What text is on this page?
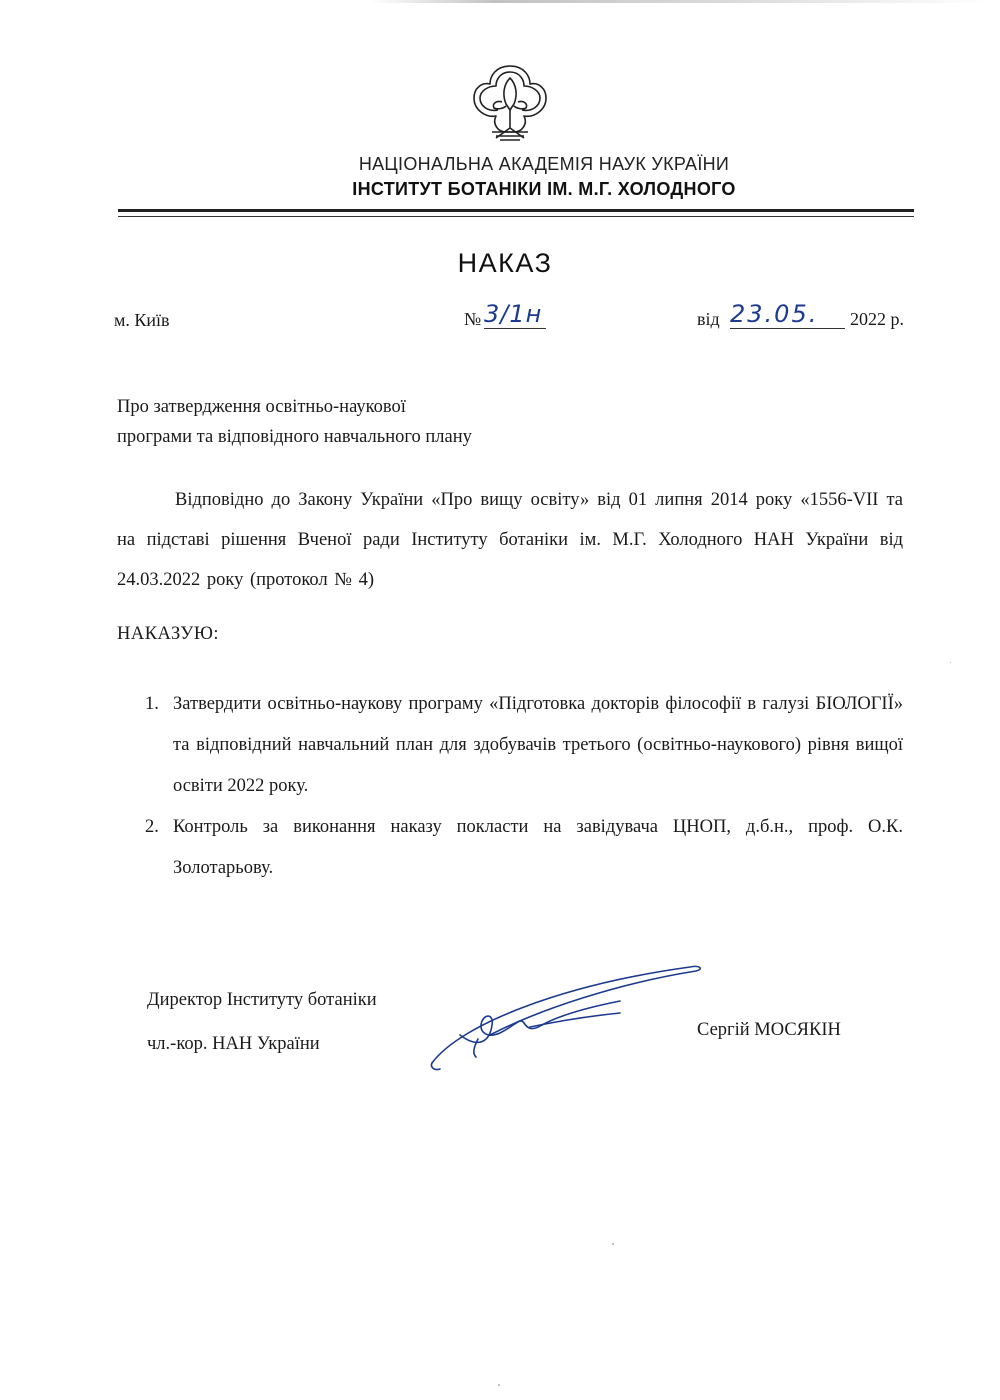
НАЦІОНАЛЬНА АКАДЕМІЯ НАУК УКРАЇНИ
ІНСТИТУТ БОТАНІКИ ІМ. М.Г. ХОЛОДНОГО
НАКАЗ
м. Київ	№ 3/1н	від 23.05.	2022 р.
Про затвердження освітньо-наукової
програми та відповідного навчального плану
Відповідно до Закону України «Про вищу освіту» від 01 липня 2014 року «1556-VII та на підставі рішення Вченої ради Інституту ботаніки ім. М.Г. Холодного НАН України від 24.03.2022 року (протокол № 4)
НАКАЗУЮ:
1. Затвердити освітньо-наукову програму «Підготовка докторів філософії в галузі БІОЛОГІЇ» та відповідний навчальний план для здобувачів третього (освітньо-наукового) рівня вищої освіти 2022 року.
2. Контроль за виконання наказу покласти на завідувача ЦНОП, д.б.н., проф. О.К. Золотарьову.
Директор Інституту ботаніки
чл.-кор. НАН України
Сергій МОСЯКІН
